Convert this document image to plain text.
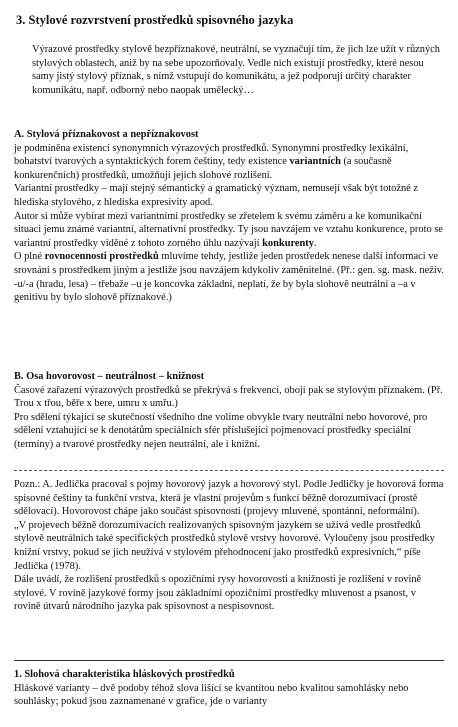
3. Stylové rozvrstvení prostředků spisovného jazyka

Výrazové prostředky stylově bezpříznakové, neutrální, se vyznačují tím, že jich lze užít v různých stylových oblastech, aniž by na sebe upozorňovaly. Vedle nich existují prostředky, které nesou samy jistý stylový příznak, s nímž vstupují do komunikátu, a jež podporují určitý charakter komunikátu, např. odborný nebo naopak umělecký…

A. Stylová příznakovost a nepříznakovost

je podmíněna existencí synonymních výrazových prostředků. Synonymní prostředky lexikální, bohatství tvarových a syntaktických forem češtiny, tedy existence variantních (a současně konkurenčních) prostředků, umožňují jejich slohové rozlišení.

Variantní prostředky – mají stejný sémantický a gramatický význam, nemusejí však být totožné z hlediska stylového, z hlediska expresivity apod.

Autor si může vybírat mezi variantními prostředky se zřetelem k svému záměru a ke komunikační situaci jemu známé variantní, alternativní prostředky. Ty jsou navzájem ve vztahu konkurence, proto se variantní prostředky viděné z tohoto zorného úhlu nazývají konkurenty.

O plné rovnocennosti prostředků mluvíme tehdy, jestliže jeden prostředek nenese další informaci ve srovnání s prostředkem jiným a jestliže jsou navzájem kdykoliv zaměnitelné. (Př.: gen. sg. mask. neživ. -u/-a (hradu, lesa) – třebaže –u je koncovka základní, neplatí, že by byla slohově neutrální a –a v genitivu by bylo slohově příznakové.)

B. Osa hovorovost – neutrálnost – knižnost

Časové zařazení výrazových prostředků se překrývá s frekvencí, obojí pak se stylovým příznakem. (Př. Trou x třou, běře x bere, umru x umřu.)

Pro sdělení týkající se skutečností všedního dne volíme obvykle tvary neutrální nebo hovorové, pro sdělení vztahující se k denotátům speciálních sfér příslušející pojmenovací prostředky speciální (termíny) a tvarové prostředky nejen neutrální, ale i knižní.

Pozn.: A. Jedlička pracoval s pojmy hovorový jazyk a hovorový styl. Podle Jedličky je hovorová forma spisovné češtiny ta funkční vrstva, která je vlastní projevům s funkcí běžně dorozumívací (prostě sdělovací). Hovorovost chápe jako součást spisovnosti (projevy mluvené, spontánní, neformální).

„V projevech běžně dorozumívacích realizovaných spisovným jazykem se užívá vedle prostředků stylově neutrálních také specifických prostředků stylově vrstvy hovorové. Vyloučeny jsou prostředky knižní vrstvy, pokud se jich neužívá v stylovém přehodnocení jako prostředků expresivních,“ píše Jedlička (1978).

Dále uvádí, že rozlišení prostředků s opozičními rysy hovorovosti a knižnosti je rozlišení v rovině stylové. V rovině jazykové formy jsou základními opozičními prostředky mluvenost a psanost, v rovině útvarů národního jazyka pak spisovnost a nespisovnost.

1. Slohová charakteristika hláskových prostředků

Hláskové varianty – dvě podoby téhož slova lišící se kvantitou nebo kvalitou samohlásky nebo souhlásky; pokud jsou zaznamenané v grafice, jde o varianty
